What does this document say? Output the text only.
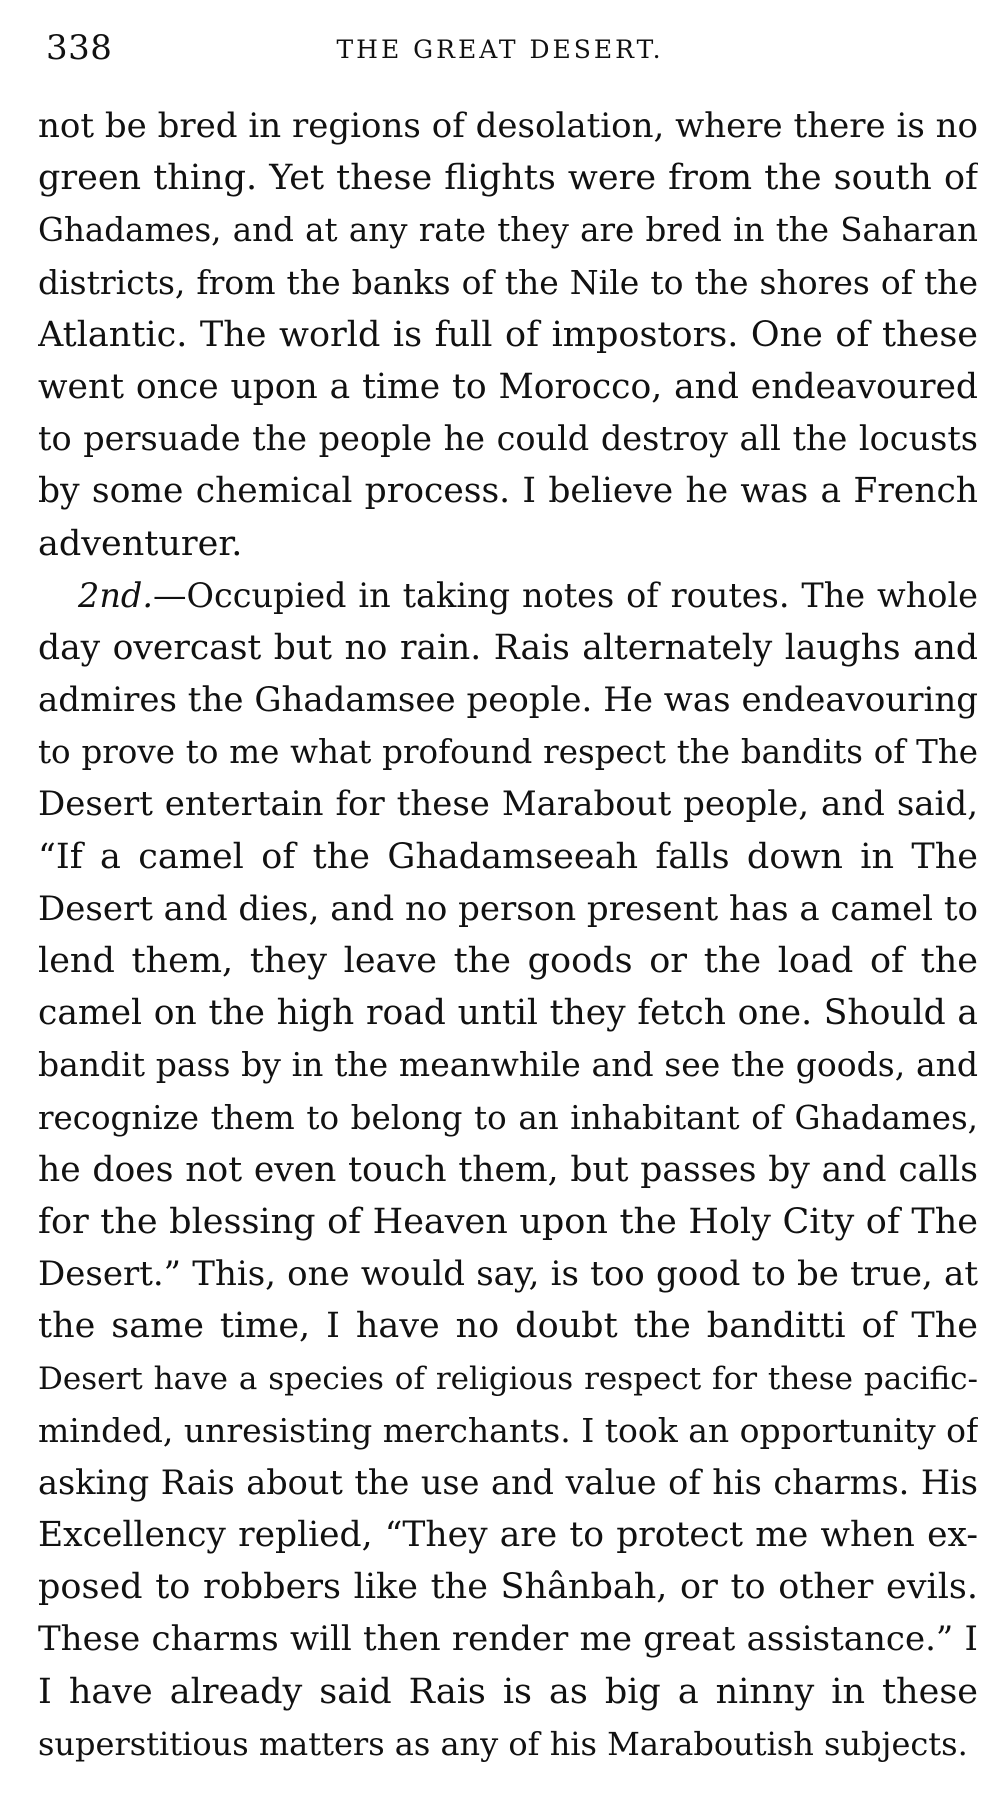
338	THE GREAT DESERT.
not be bred in regions of desolation, where there is no
green thing. Yet these flights were from the south of
Ghadames, and at any rate they are bred in the Saharan
districts, from the banks of the Nile to the shores of the
Atlantic. The world is full of impostors. One of these
went once upon a time to Morocco, and endeavoured
to persuade the people he could destroy all the locusts
by some chemical process. I believe he was a French
adventurer.
2nd.—Occupied in taking notes of routes. The whole
day overcast but no rain. Rais alternately laughs and
admires the Ghadamsee people. He was endeavouring
to prove to me what profound respect the bandits of The
Desert entertain for these Marabout people, and said,
“If a camel of the Ghadamseeah falls down in The
Desert and dies, and no person present has a camel to
lend them, they leave the goods or the load of the
camel on the high road until they fetch one. Should a
bandit pass by in the meanwhile and see the goods, and
recognize them to belong to an inhabitant of Ghadames,
he does not even touch them, but passes by and calls
for the blessing of Heaven upon the Holy City of The
Desert.” This, one would say, is too good to be true, at
the same time, I have no doubt the banditti of The
Desert have a species of religious respect for these pacific-
minded, unresisting merchants. I took an opportunity of
asking Rais about the use and value of his charms. His
Excellency replied, “They are to protect me when ex-
posed to robbers like the Shânbah, or to other evils.
These charms will then render me great assistance.” I
I have already said Rais is as big a ninny in these
superstitious matters as any of his Maraboutish subjects.
